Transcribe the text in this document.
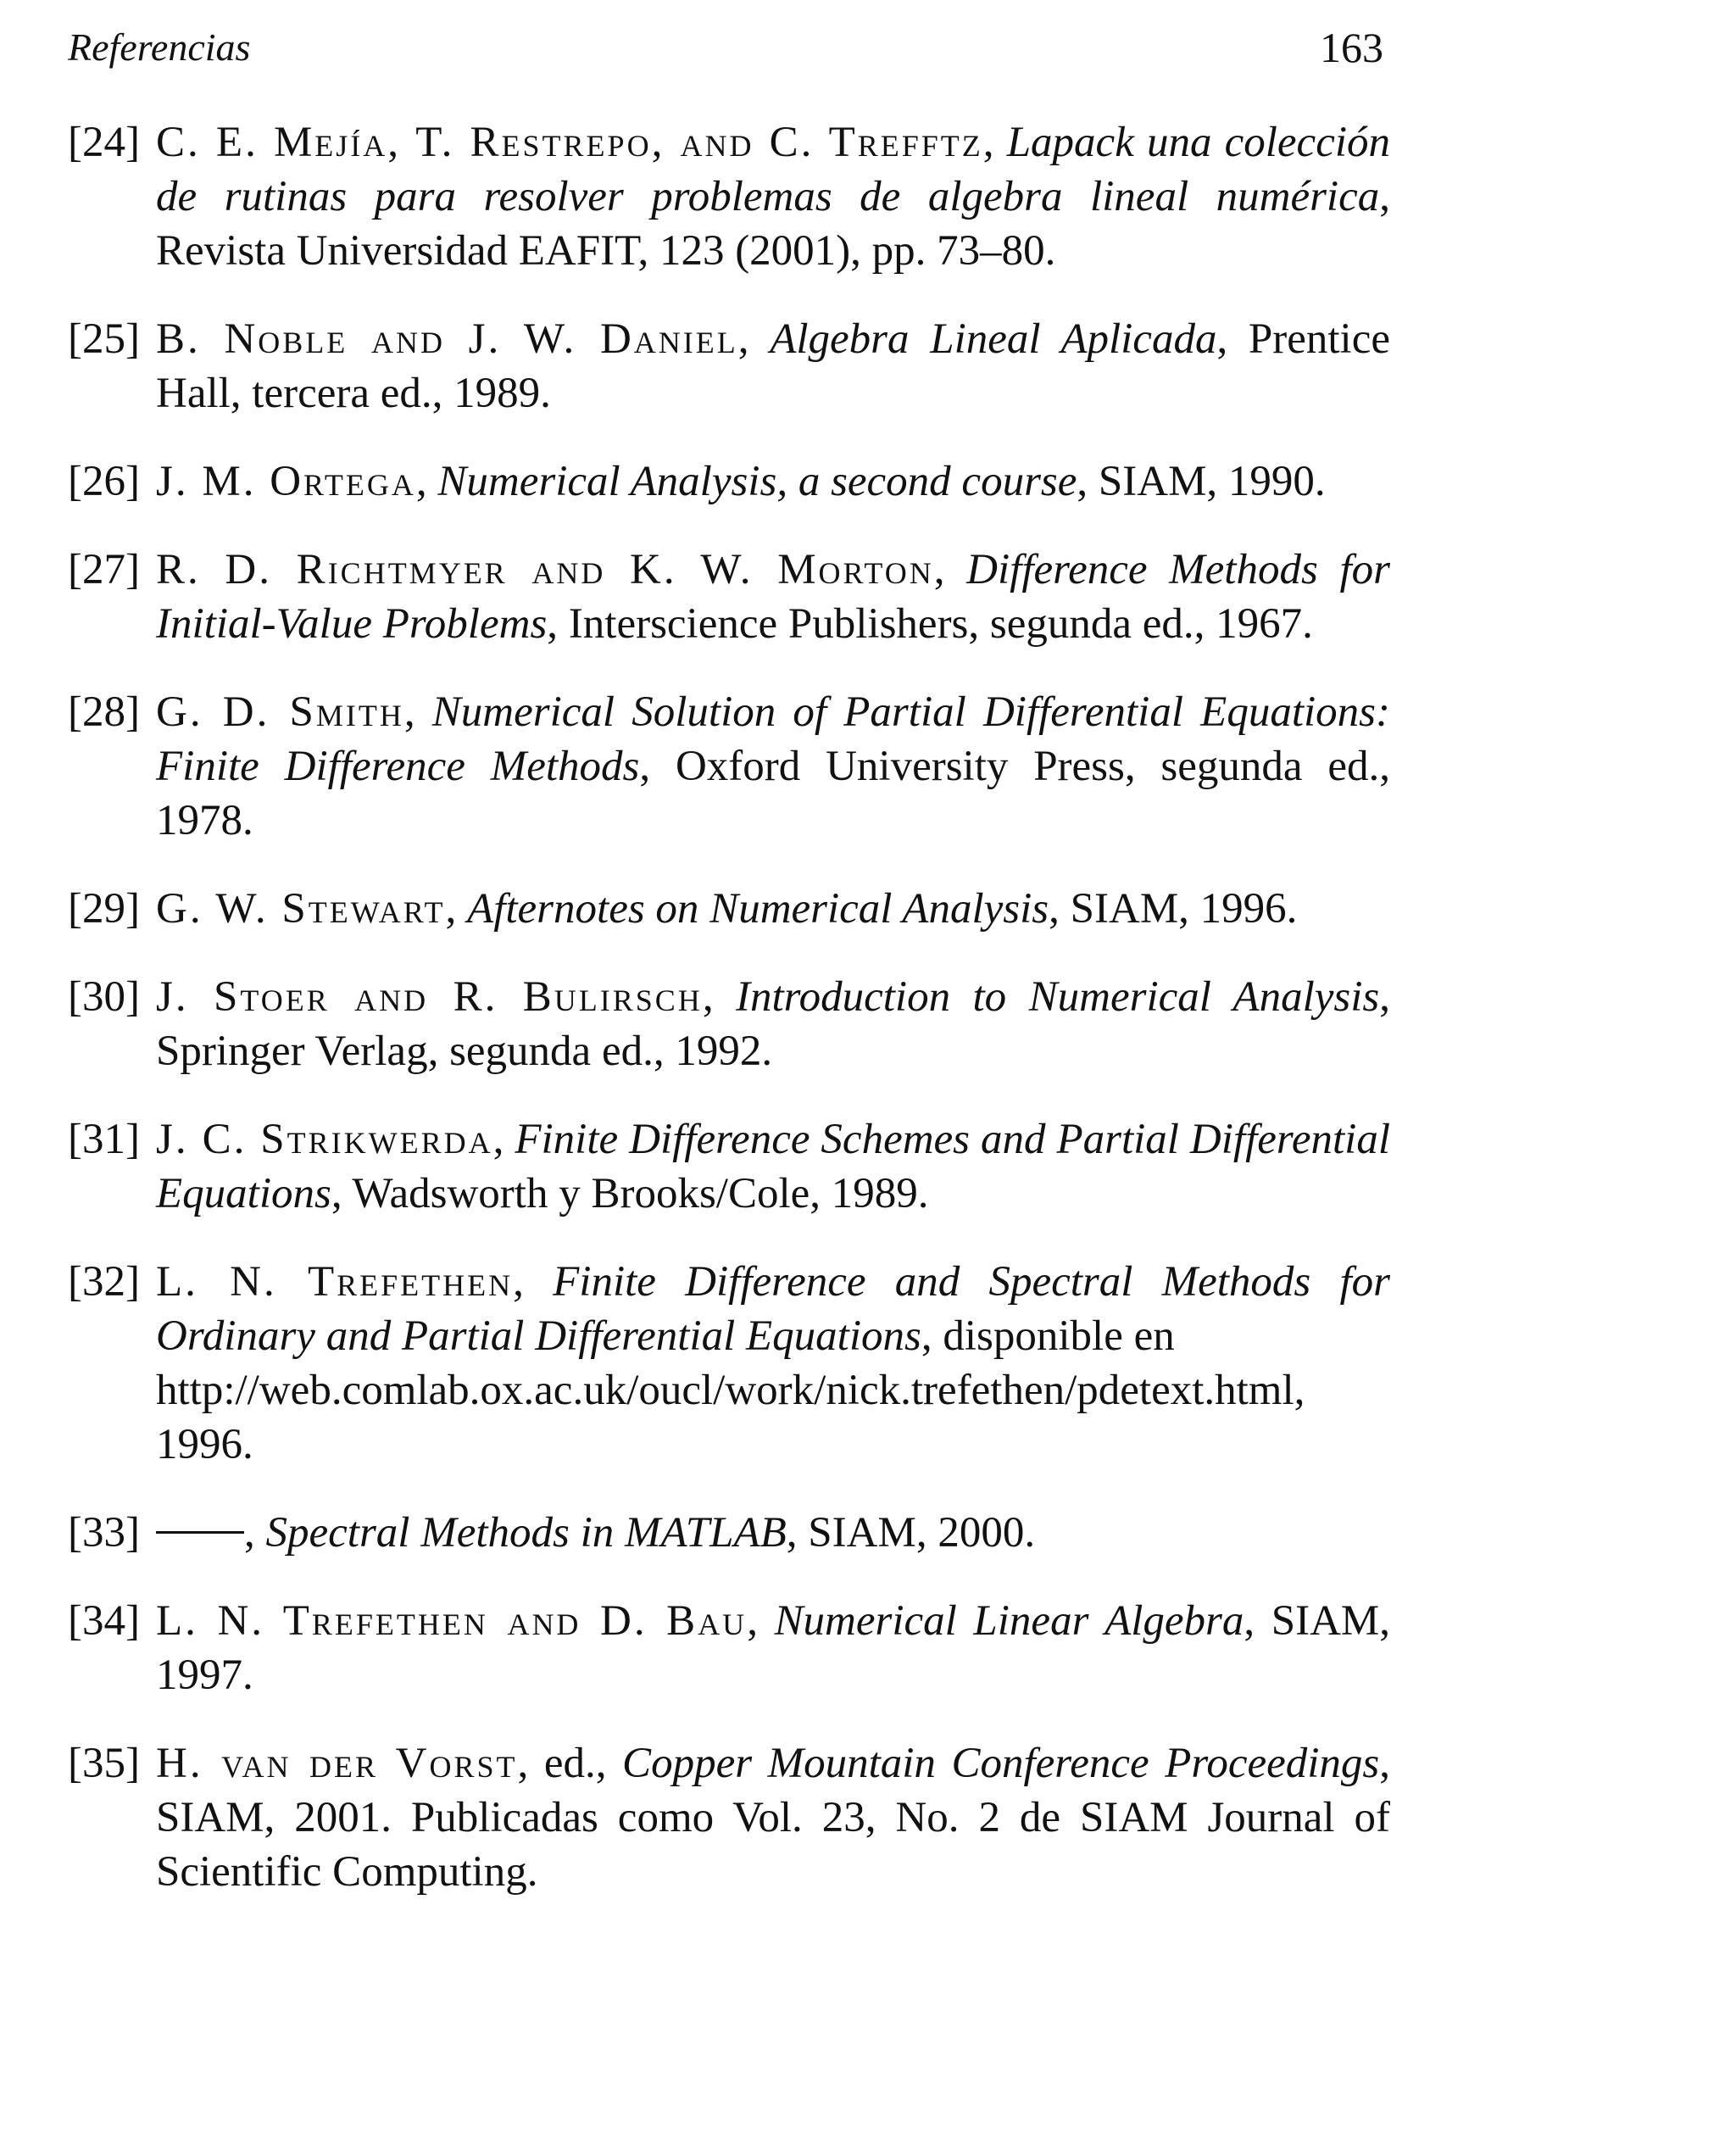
Referencias	163
[24] C. E. Mejía, T. Restrepo, and C. Trefftz, Lapack una colección de rutinas para resolver problemas de algebra lineal numérica, Revista Universidad EAFIT, 123 (2001), pp. 73–80.
[25] B. Noble and J. W. Daniel, Algebra Lineal Aplicada, Prentice Hall, tercera ed., 1989.
[26] J. M. Ortega, Numerical Analysis, a second course, SIAM, 1990.
[27] R. D. Richtmyer and K. W. Morton, Difference Methods for Initial-Value Problems, Interscience Publishers, segunda ed., 1967.
[28] G. D. Smith, Numerical Solution of Partial Differential Equations: Finite Difference Methods, Oxford University Press, segunda ed., 1978.
[29] G. W. Stewart, Afternotes on Numerical Analysis, SIAM, 1996.
[30] J. Stoer and R. Bulirsch, Introduction to Numerical Analysis, Springer Verlag, segunda ed., 1992.
[31] J. C. Strikwerda, Finite Difference Schemes and Partial Differential Equations, Wadsworth y Brooks/Cole, 1989.
[32] L. N. Trefethen, Finite Difference and Spectral Methods for Ordinary and Partial Differential Equations, disponible en
http://web.comlab.ox.ac.uk/oucl/work/nick.trefethen/pdetext.html,
1996.
[33] , Spectral Methods in MATLAB, SIAM, 2000.
[34] L. N. Trefethen and D. Bau, Numerical Linear Algebra, SIAM, 1997.
[35] H. van der Vorst, ed., Copper Mountain Conference Proceedings, SIAM, 2001. Publicadas como Vol. 23, No. 2 de SIAM Journal of Scientific Computing.
